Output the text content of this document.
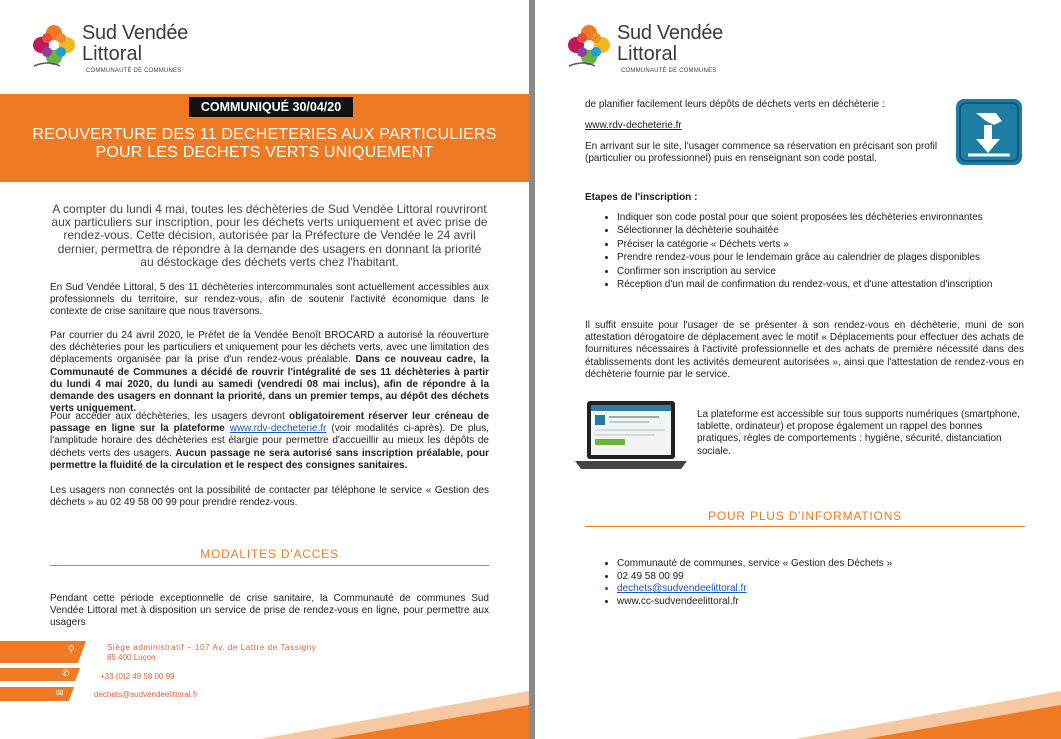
Sud Vendée
Littoral
COMMUNAUTÉ DE COMMUNES
COMMUNIQUÉ 30/04/20
REOUVERTURE DES 11 DECHETERIES AUX PARTICULIERS
POUR LES DECHETS VERTS UNIQUEMENT
A compter du lundi 4 mai, toutes les déchèteries de Sud Vendée Littoral rouvriront aux particuliers sur inscription, pour les déchets verts uniquement et avec prise de rendez-vous. Cette décision, autorisée par la Préfecture de Vendée le 24 avril dernier, permettra de répondre à la demande des usagers en donnant la priorité au déstockage des déchets verts chez l'habitant.
En Sud Vendée Littoral, 5 des 11 déchèteries intercommunales sont actuellement accessibles aux professionnels du territoire, sur rendez-vous, afin de soutenir l'activité économique dans le contexte de crise sanitaire que nous traversons.
Par courrier du 24 avril 2020, le Préfet de la Vendée Benoît BROCARD a autorisé la réouverture des déchèteries pour les particuliers et uniquement pour les déchets verts, avec une limitation des déplacements organisée par la prise d'un rendez-vous préalable. Dans ce nouveau cadre, la Communauté de Communes a décidé de rouvrir l'intégralité de ses 11 déchèteries à partir du lundi 4 mai 2020, du lundi au samedi (vendredi 08 mai inclus), afin de répondre à la demande des usagers en donnant la priorité, dans un premier temps, au dépôt des déchets verts uniquement.
Pour accéder aux déchèteries, les usagers devront obligatoirement réserver leur créneau de passage en ligne sur la plateforme www.rdv-decheterie.fr (voir modalités ci-après). De plus, l'amplitude horaire des déchèteries est élargie pour permettre d'accueillir au mieux les dépôts de déchets verts des usagers. Aucun passage ne sera autorisé sans inscription préalable, pour permettre la fluidité de la circulation et le respect des consignes sanitaires.
Les usagers non connectés ont la possibilité de contacter par téléphone le service « Gestion des déchets » au 02 49 58 00 99 pour prendre rendez-vous.
MODALITES D'ACCES
Pendant cette période exceptionnelle de crise sanitaire, la Communauté de communes Sud Vendée Littoral met à disposition un service de prise de rendez-vous en ligne, pour permettre aux usagers
⚲
✆
✉
Siège administratif – 107 Av. de Lattre de Tassigny
85 400 Luçon
+33 (0)2 49 58 00 99
dechets@sudvendeelittoral.fr
Sud Vendée
Littoral
COMMUNAUTÉ DE COMMUNES
de planifier facilement leurs dépôts de déchets verts en déchèterie :
www.rdv-decheterie.fr
En arrivant sur le site, l'usager commence sa réservation en précisant son profil (particulier ou professionnel) puis en renseignant son code postal.
Etapes de l'inscription :
• Indiquer son code postal pour que soient proposées les déchèteries environnantes
• Sélectionner la déchèterie souhaitée
• Préciser la catégorie « Déchets verts »
• Prendre rendez-vous pour le lendemain grâce au calendrier de plages disponibles
• Confirmer son inscription au service
• Réception d'un mail de confirmation du rendez-vous, et d'une attestation d'inscription
Il suffit ensuite pour l'usager de se présenter à son rendez-vous en déchèterie, muni de son attestation dérogatoire de déplacement avec le motif « Déplacements pour effectuer des achats de fournitures nécessaires à l'activité professionnelle et des achats de première nécessité dans des établissements dont les activités demeurent autorisées », ainsi que l'attestation de rendez-vous en déchèterie fournie par le service.
La plateforme est accessible sur tous supports numériques (smartphone, tablette, ordinateur) et propose également un rappel des bonnes pratiques, règles de comportements : hygiène, sécurité, distanciation sociale.
POUR PLUS D'INFORMATIONS
• Communauté de communes, service « Gestion des Déchets »
• 02 49 58 00 99
• dechets@sudvendeelittoral.fr
• www.cc-sudvendeelittoral.fr
